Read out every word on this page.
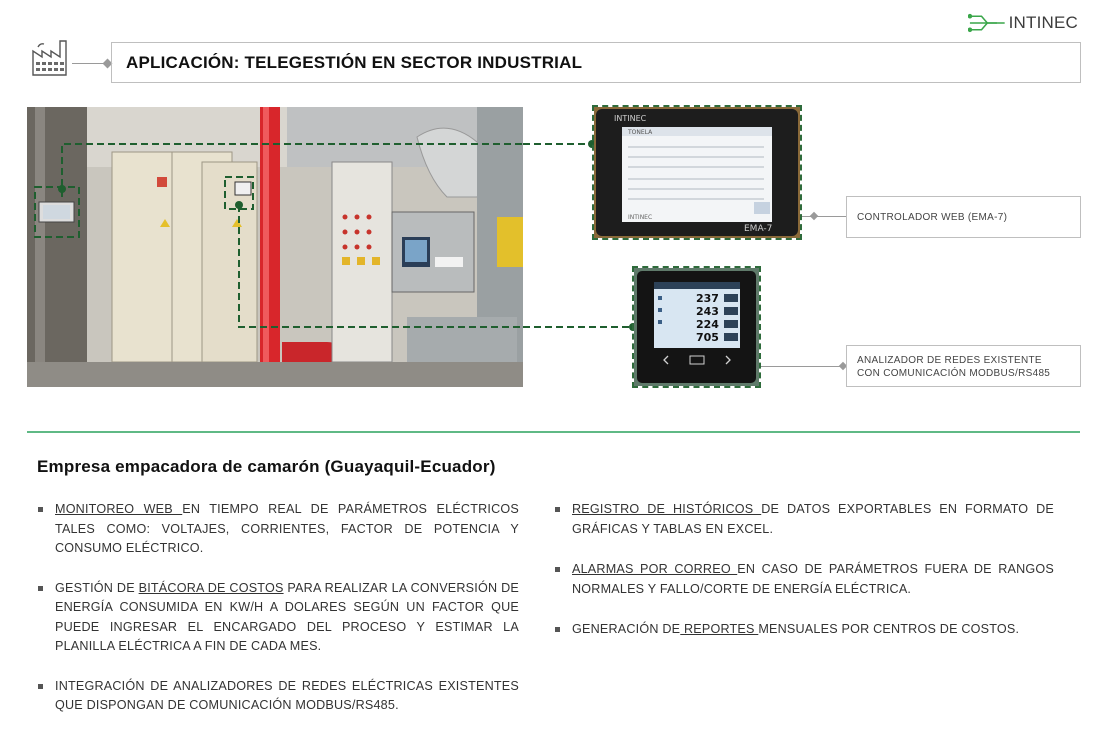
INTINEC
APLICACIÓN: TELEGESTIÓN EN SECTOR INDUSTRIAL
TONELA
INTINEC
INTINEC
EMA-7
237
243
224
705
CONTROLADOR WEB (EMA-7)
ANALIZADOR DE REDES EXISTENTE
CON COMUNICACIÓN MODBUS/RS485
Empresa empacadora de camarón (Guayaquil-Ecuador)
MONITOREO WEB EN TIEMPO REAL DE PARÁMETROS ELÉCTRICOS TALES COMO: VOLTAJES, CORRIENTES, FACTOR DE POTENCIA Y CONSUMO ELÉCTRICO.
GESTIÓN DE BITÁCORA DE COSTOS PARA REALIZAR LA CONVERSIÓN DE ENERGÍA CONSUMIDA EN KW/H A DOLARES SEGÚN UN FACTOR QUE PUEDE INGRESAR EL ENCARGADO DEL PROCESO Y ESTIMAR LA PLANILLA ELÉCTRICA A FIN DE CADA MES.
INTEGRACIÓN DE ANALIZADORES DE REDES ELÉCTRICAS EXISTENTES QUE DISPONGAN DE COMUNICACIÓN MODBUS/RS485.
REGISTRO DE HISTÓRICOS DE DATOS EXPORTABLES EN FORMATO DE GRÁFICAS Y TABLAS EN EXCEL.
ALARMAS POR CORREO EN CASO DE PARÁMETROS FUERA DE RANGOS NORMALES Y FALLO/CORTE DE ENERGÍA ELÉCTRICA.
GENERACIÓN DE REPORTES MENSUALES POR CENTROS DE COSTOS.
